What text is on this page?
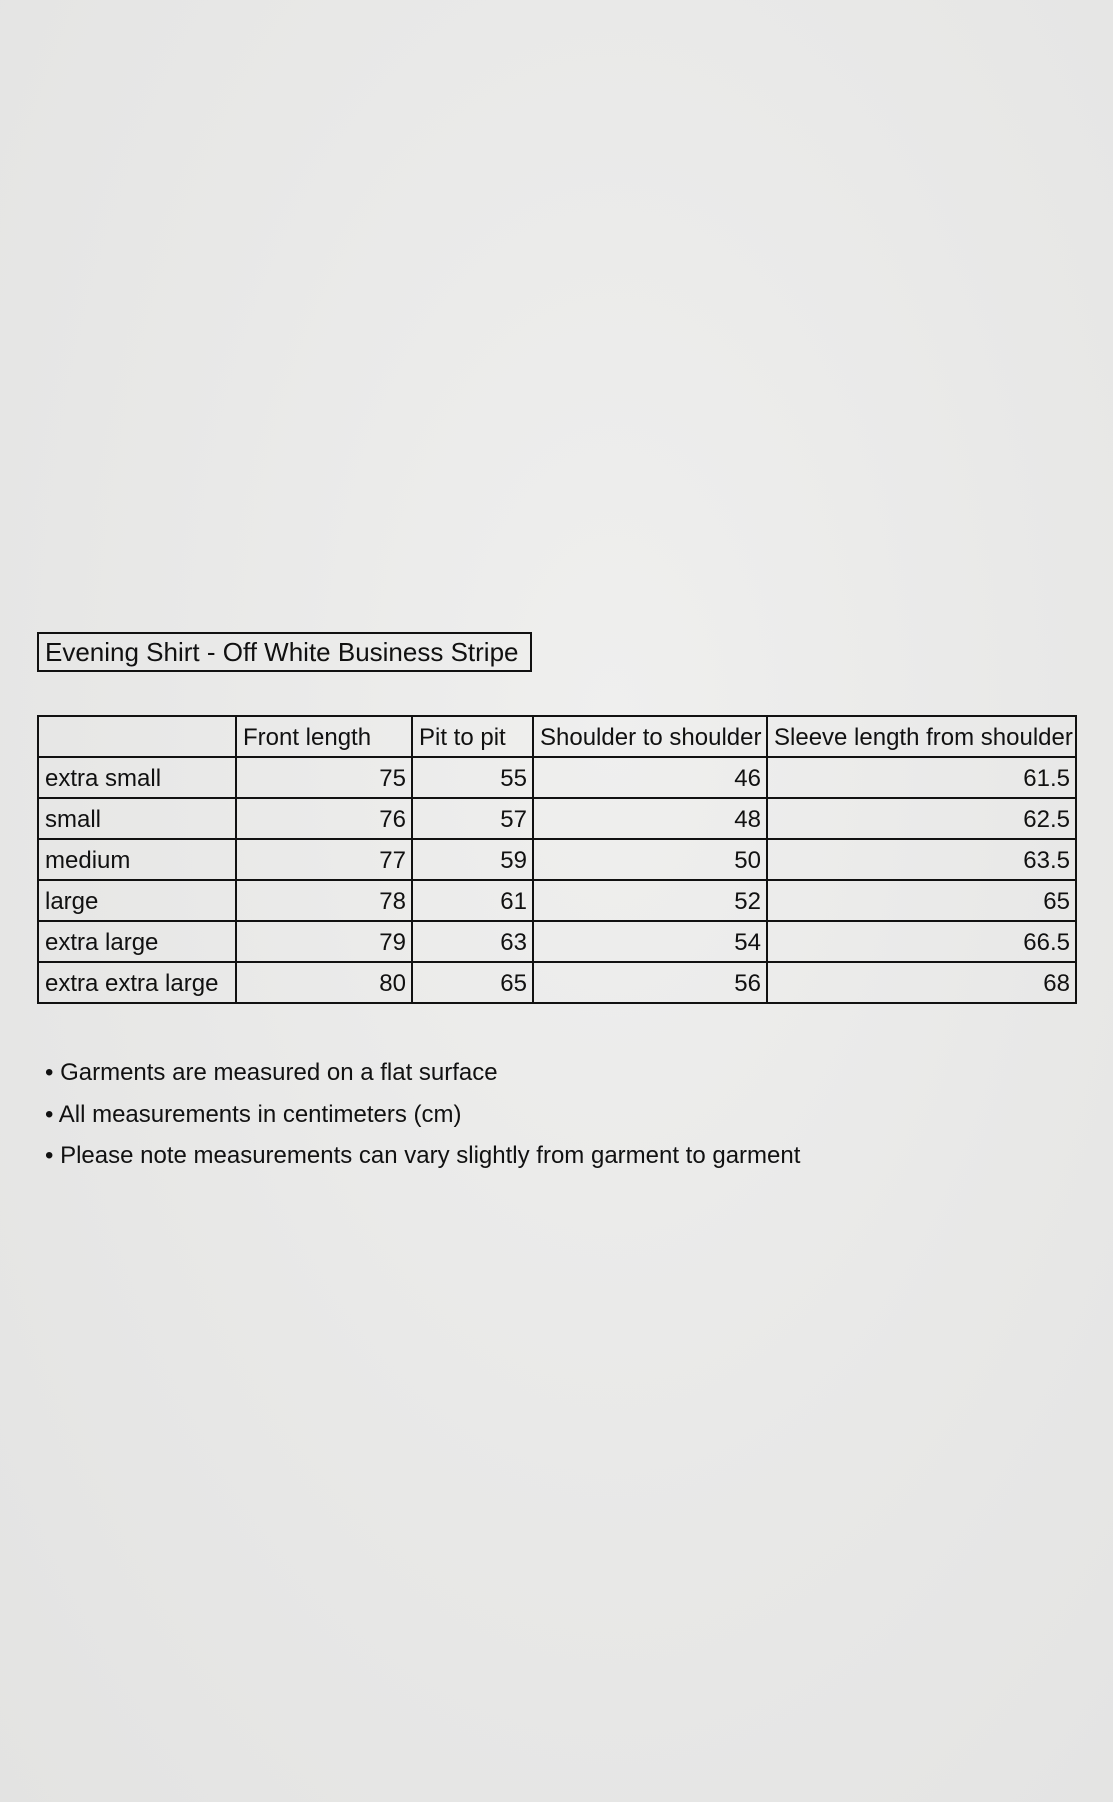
Evening Shirt - Off White Business Stripe
	Front length	Pit to pit	Shoulder to shoulder	Sleeve length from shoulder
extra small	75	55	46	61.5
small	76	57	48	62.5
medium	77	59	50	63.5
large	78	61	52	65
extra large	79	63	54	66.5
extra extra large	80	65	56	68
• Garments are measured on a flat surface
• All measurements in centimeters (cm)
• Please note measurements can vary slightly from garment to garment
